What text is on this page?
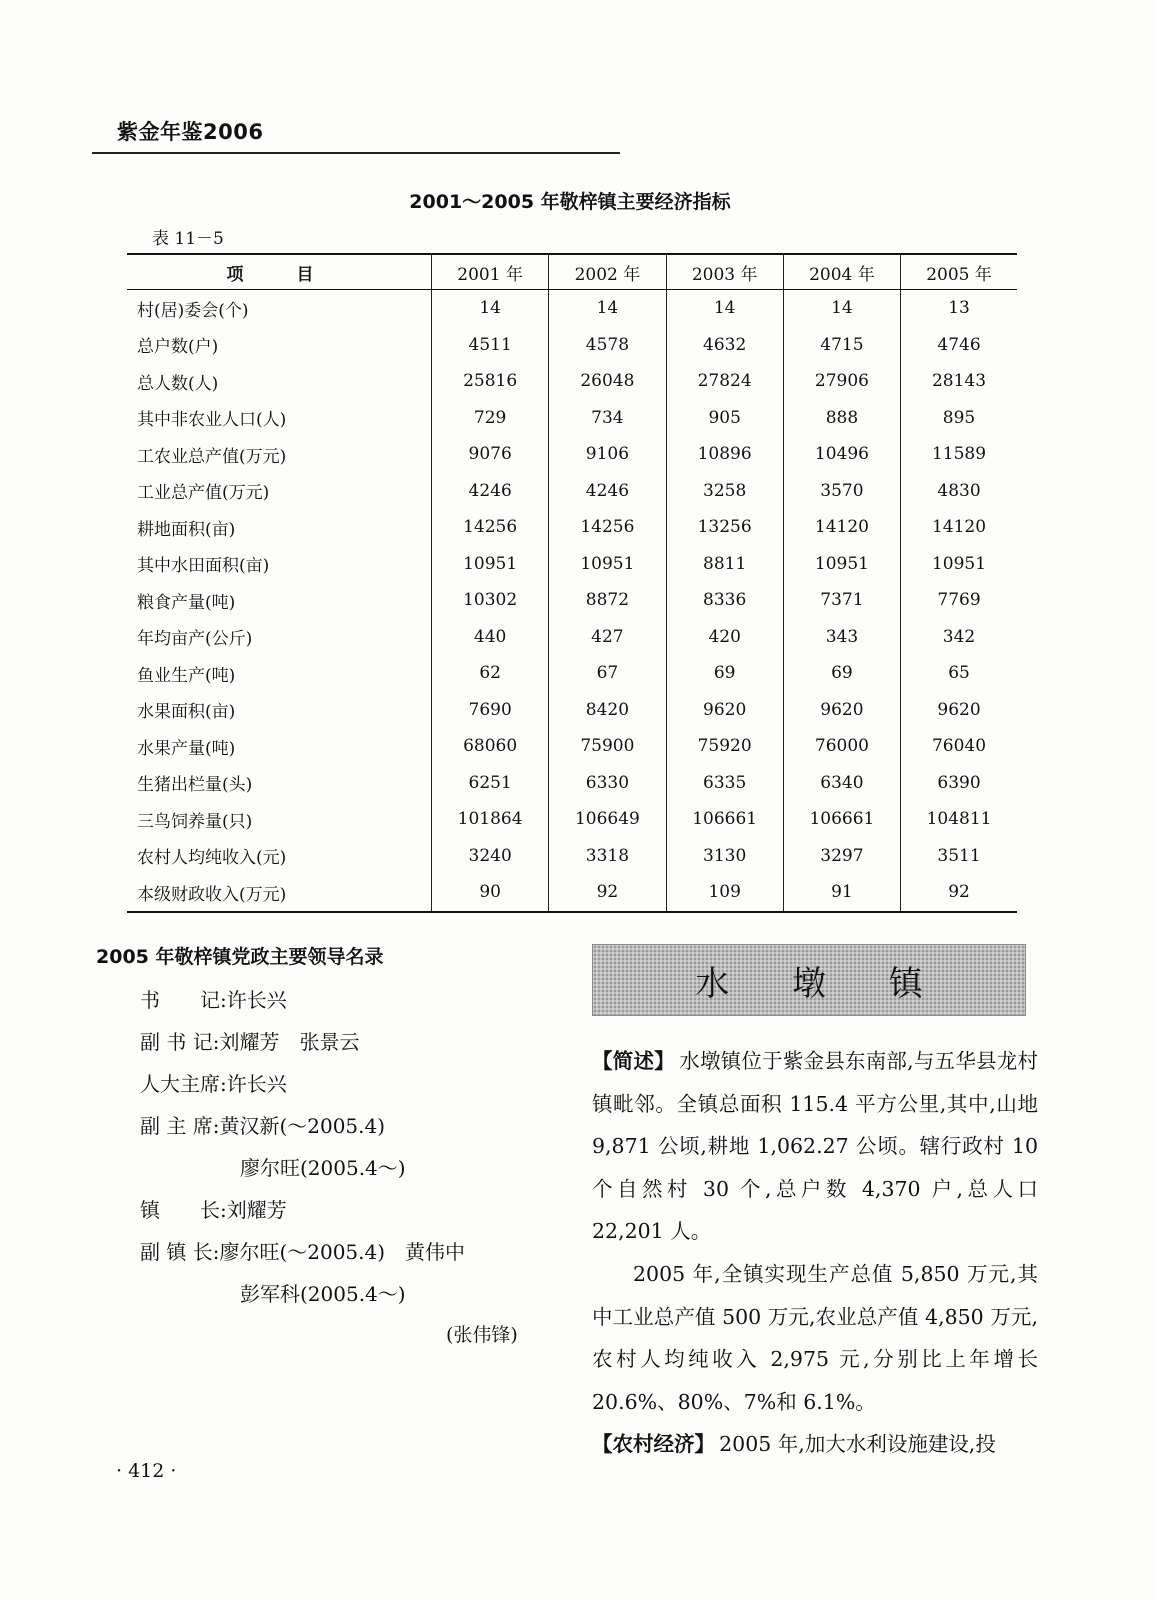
紫金年鉴2006
2001～2005 年敬梓镇主要经济指标
表 11－5
项　目	2001 年	2002 年	2003 年	2004 年	2005 年
村(居)委会(个)	14	14	14	14	13
总户数(户)	4511	4578	4632	4715	4746
总人数(人)	25816	26048	27824	27906	28143
其中非农业人口(人)	729	734	905	888	895
工农业总产值(万元)	9076	9106	10896	10496	11589
工业总产值(万元)	4246	4246	3258	3570	4830
耕地面积(亩)	14256	14256	13256	14120	14120
其中水田面积(亩)	10951	10951	8811	10951	10951
粮食产量(吨)	10302	8872	8336	7371	7769
年均亩产(公斤)	440	427	420	343	342
鱼业生产(吨)	62	67	69	69	65
水果面积(亩)	7690	8420	9620	9620	9620
水果产量(吨)	68060	75900	75920	76000	76040
生猪出栏量(头)	6251	6330	6335	6340	6390
三鸟饲养量(只)	101864	106649	106661	106661	104811
农村人均纯收入(元)	3240	3318	3130	3297	3511
本级财政收入(万元)	90	92	109	91	92
2005 年敬梓镇党政主要领导名录
书　　记:许长兴
副 书 记:刘耀芳　张景云
人大主席:许长兴
副 主 席:黄汉新(～2005.4)
廖尔旺(2005.4～)
镇　　长:刘耀芳
副 镇 长:廖尔旺(～2005.4)　黄伟中
彭军科(2005.4～)
(张伟锋)
水 墩 镇

【简述】  水墩镇位于紫金县东南部,与五华县龙村镇毗邻。全镇总面积 115.4 平方公里,其中,山地 9,871 公顷,耕地 1,062.27 公顷。辖行政村 10 个自然村 30 个,总户数 4,370 户,总人口 22,201 人。

2005 年,全镇实现生产总值 5,850 万元,其中工业总产值 500 万元,农业总产值 4,850 万元,农村人均纯收入 2,975 元,分别比上年增长 20.6%、80%、7%和 6.1%。

【农村经济】  2005 年,加大水利设施建设,投

· 412 ·
